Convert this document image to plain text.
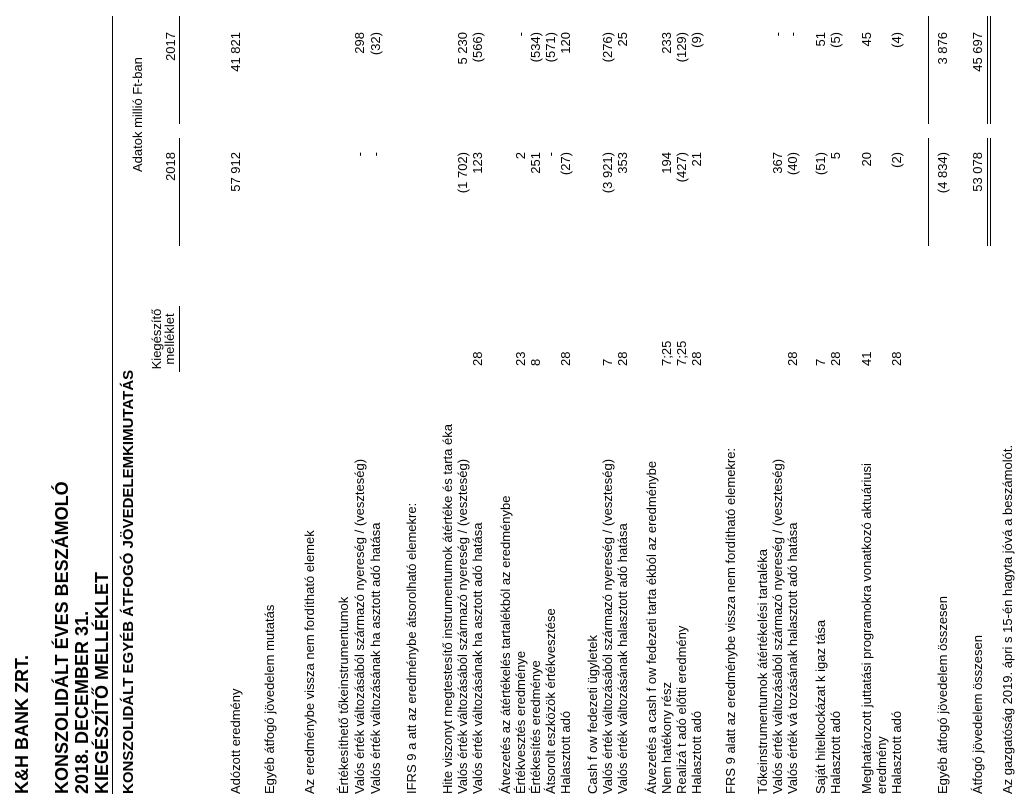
K&H BANK ZRT. KONSZOLIDÁLT ÉVES BESZÁMOLÓ 2018. DECEMBER 31. KIEGÉSZÍTŐ MELLÉKLET KONSZOLIDÁLT EGYÉB ÁTFOGÓ JÖVEDELEMKIMUTATÁS
Adatok millió Ft-ban
Kiegészítő melléklet
2018
2017
Adózott eredmény
57 912
41 821
Egyéb átfogó jövedelem mutatás Az eredménybe vissza nem fordítható elemek Értékesíthető tőkeinstrumentumok Valós érték változásából származó nyereség / (veszteség)
-
298
Valós érték változásának ha asztott adó hatása
-
(32)
IFRS 9 a att az eredménybe átsorolható elemekre: Hite viszonyt megtestesítő instrumentumok átértéke és tarta éka Valós érték változásából származó nyereség / (veszteség)
(1 702)
5 230
Valós érték változásának ha asztott adó hatása
28
123
(566)
Átvezetés az átértékelés tartalékból az eredménybe Értékvesztés eredménye
23
2
-
Értékesítés eredménye
8
251
(534)
Átsorolt eszközök értékvesztése
-
(571)
Halasztott adó
28
(27)
120
Cash f ow fedezeti ügyletek Valós érték változásából származó nyereség / (veszteség)
7
(3 921)
(276)
Valós érték változásának halasztott adó hatása
28
353
25
Átvezetés a cash f ow fedezeti tarta ékból az eredménybe Nem hatékony rész
7;25
194
233
Realizá t adó előtti eredmény
7;25
(427)
(129)
Halasztott adó
28
21
(9)
FRS 9 alatt az eredménybe vissza nem fordítható elemekre: Tőkeinstrumentumok átértékelési tartaléka Valós érték változásából származó nyereség / (veszteség)
367
-
Valós érték vá tozásának halasztott adó hatása
28
(40)
-
Saját hitelkockázat k igaz tása
7
(51)
51
Halasztott adó
28
5
(5)
Meghatározott juttatási programokra vonatkozó aktuáriusi
41
20
45
eredmény Halasztott adó
28
(2)
(4)
Egyéb átfogó jövedelem összesen
(4 834)
3 876
Átfogó jövedelem összesen
53 078
45 697
Az gazgatóság 2019. ápri s 15-én hagyta jóvá a beszámolót.
